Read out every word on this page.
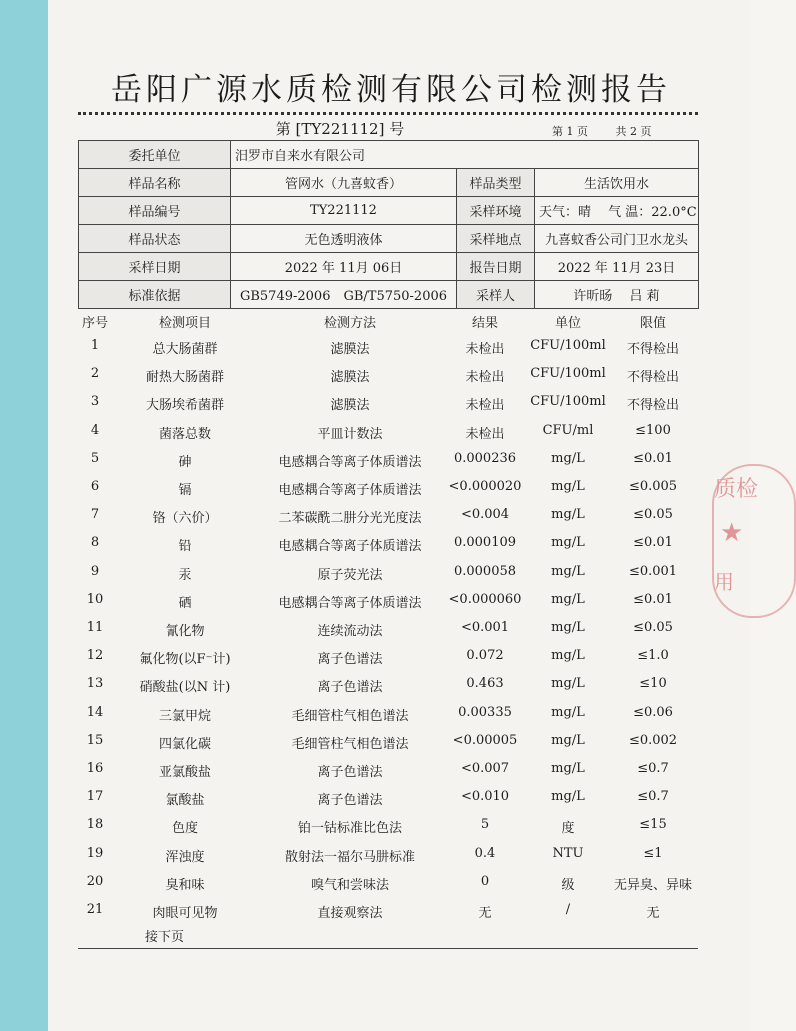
岳阳广源水质检测有限公司检测报告
第 [TY221112] 号	第 1 页	共 2 页
委托单位	汨罗市自来水有限公司		
样品名称	管网水（九喜蚊香）	样品类型	生活饮用水
样品编号	TY221112	采样环境	天气：晴　 气 温：22.0°C
样品状态	无色透明液体	采样地点	九喜蚊香公司门卫水龙头
采样日期	2022 年 11月 06日	报告日期	2022 年 11月 23日
标准依据	GB5749-2006　GB/T5750-2006	采样人	许昕旸　 吕 莉
序号	检测项目	检测方法	结果	单位	限值
1	总大肠菌群	滤膜法	未检出	CFU/100ml	不得检出
2	耐热大肠菌群	滤膜法	未检出	CFU/100ml	不得检出
3	大肠埃希菌群	滤膜法	未检出	CFU/100ml	不得检出
4	菌落总数	平皿计数法	未检出	CFU/ml	≤100
5	砷	电感耦合等离子体质谱法	0.000236	mg/L	≤0.01
6	镉	电感耦合等离子体质谱法	<0.000020	mg/L	≤0.005
7	铬（六价）	二苯碳酰二肼分光光度法	<0.004	mg/L	≤0.05
8	铅	电感耦合等离子体质谱法	0.000109	mg/L	≤0.01
9	汞	原子荧光法	0.000058	mg/L	≤0.001
10	硒	电感耦合等离子体质谱法	<0.000060	mg/L	≤0.01
11	氰化物	连续流动法	<0.001	mg/L	≤0.05
12	氟化物(以F⁻计)	离子色谱法	0.072	mg/L	≤1.0
13	硝酸盐(以N 计)	离子色谱法	0.463	mg/L	≤10
14	三氯甲烷	毛细管柱气相色谱法	0.00335	mg/L	≤0.06
15	四氯化碳	毛细管柱气相色谱法	<0.00005	mg/L	≤0.002
16	亚氯酸盐	离子色谱法	<0.007	mg/L	≤0.7
17	氯酸盐	离子色谱法	<0.010	mg/L	≤0.7
18	色度	铂一钴标准比色法	5	度	≤15
19	浑浊度	散射法一福尔马肼标准	0.4	NTU	≤1
20	臭和味	嗅气和尝味法	0	级	无异臭、异味
21	肉眼可见物	直接观察法	无	/	无
接下页
质检
★
用
